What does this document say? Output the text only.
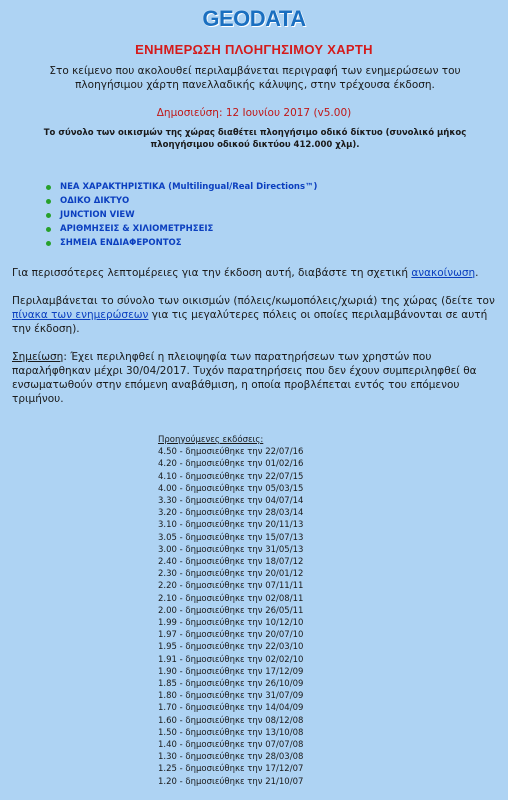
GEODATA
ΕΝΗΜΕΡΩΣΗ ΠΛΟΗΓΗΣΙΜΟΥ ΧΑΡΤΗ
Στο κείμενο που ακολουθεί περιλαμβάνεται περιγραφή των ενημερώσεων του πλοηγήσιμου χάρτη πανελλαδικής κάλυψης, στην τρέχουσα έκδοση.
Δημοσιεύση: 12 Ιουνίου 2017 (v5.00)
Το σύνολο των οικισμών της χώρας διαθέτει πλοηγήσιμο οδικό δίκτυο (συνολικό μήκος πλοηγήσιμου οδικού δικτύου 412.000 χλμ).
ΝΕΑ ΧΑΡΑΚΤΗΡΙΣΤΙΚΑ (Multilingual/Real Directions™)
ΟΔΙΚΟ ΔΙΚΤΥΟ
JUNCTION VIEW
ΑΡΙΘΜΗΣΕΙΣ & ΧΙΛΙΟΜΕΤΡΗΣΕΙΣ
ΣΗΜΕΙΑ ΕΝΔΙΑΦΕΡΟΝΤΟΣ
Για περισσότερες λεπτομέρειες για την έκδοση αυτή, διαβάστε τη σχετική ανακοίνωση.
Περιλαμβάνεται το σύνολο των οικισμών (πόλεις/κωμοπόλεις/χωριά) της χώρας (δείτε τον πίνακα των ενημερώσεων για τις μεγαλύτερες πόλεις οι οποίες περιλαμβάνονται σε αυτή την έκδοση).
Σημείωση: Έχει περιληφθεί η πλειοψηφία των παρατηρήσεων των χρηστών που παραλήφθηκαν μέχρι 30/04/2017. Τυχόν παρατηρήσεις που δεν έχουν συμπεριληφθεί θα ενσωματωθούν στην επόμενη αναβάθμιση, η οποία προβλέπεται εντός του επόμενου τριμήνου.
Προηγούμενες εκδόσεις:
4.50 - δημοσιεύθηκε την 22/07/16
4.20 - δημοσιεύθηκε την 01/02/16
4.10 - δημοσιεύθηκε την 22/07/15
4.00 - δημοσιεύθηκε την 05/03/15
3.30 - δημοσιεύθηκε την 04/07/14
3.20 - δημοσιεύθηκε την 28/03/14
3.10 - δημοσιεύθηκε την 20/11/13
3.05 - δημοσιεύθηκε την 15/07/13
3.00 - δημοσιεύθηκε την 31/05/13
2.40 - δημοσιεύθηκε την 18/07/12
2.30 - δημοσιεύθηκε την 20/01/12
2.20 - δημοσιεύθηκε την 07/11/11
2.10 - δημοσιεύθηκε την 02/08/11
2.00 - δημοσιεύθηκε την 26/05/11
1.99 - δημοσιεύθηκε την 10/12/10
1.97 - δημοσιεύθηκε την 20/07/10
1.95 - δημοσιεύθηκε την 22/03/10
1.91 - δημοσιεύθηκε την 02/02/10
1.90 - δημοσιεύθηκε την 17/12/09
1.85 - δημοσιεύθηκε την 26/10/09
1.80 - δημοσιεύθηκε την 31/07/09
1.70 - δημοσιεύθηκε την 14/04/09
1.60 - δημοσιεύθηκε την 08/12/08
1.50 - δημοσιεύθηκε την 13/10/08
1.40 - δημοσιεύθηκε την 07/07/08
1.30 - δημοσιεύθηκε την 28/03/08
1.25 - δημοσιεύθηκε την 17/12/07
1.20 - δημοσιεύθηκε την 21/10/07
